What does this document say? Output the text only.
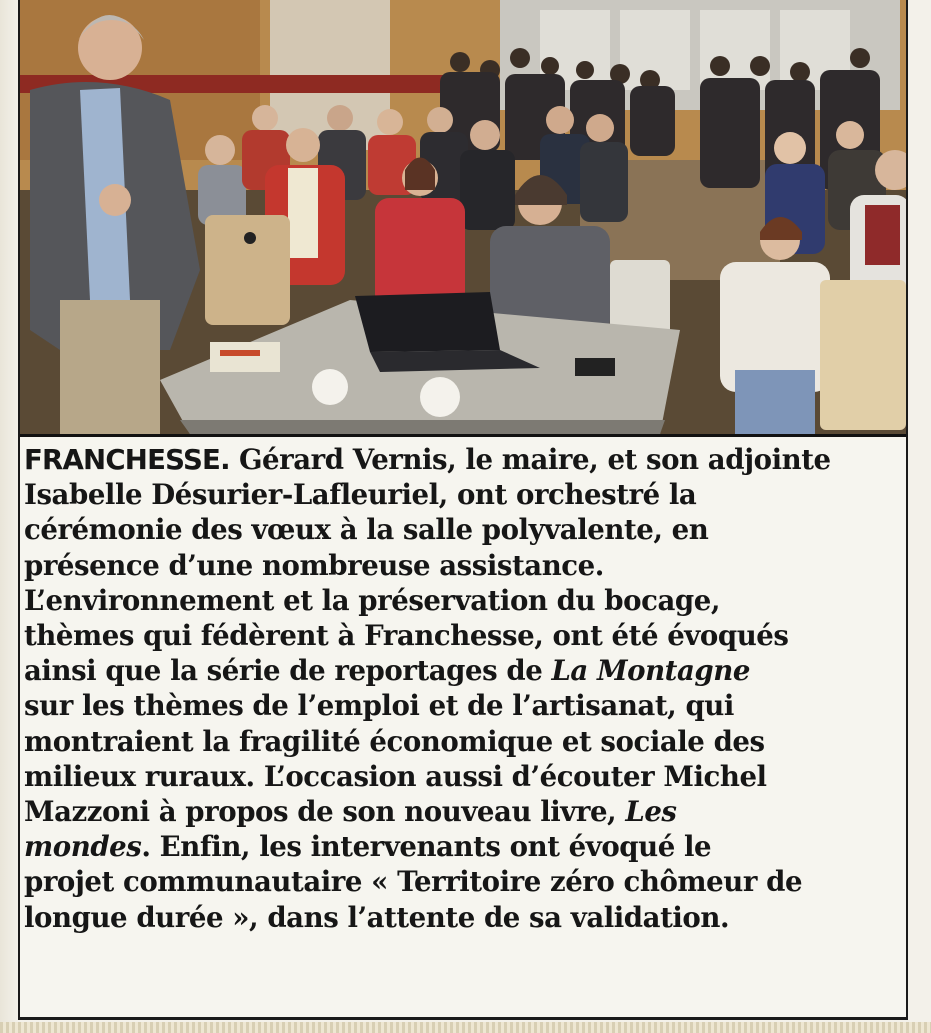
FRANCHESSE. Gérard Vernis, le maire, et son adjointe
Isabelle Désurier-Lafleuriel, ont orchestré la
cérémonie des vœux à la salle polyvalente, en
présence d’une nombreuse assistance.
L’environnement et la préservation du bocage,
thèmes qui fédèrent à Franchesse, ont été évoqués
ainsi que la série de reportages de La Montagne
sur les thèmes de l’emploi et de l’artisanat, qui
montraient la fragilité économique et sociale des
milieux ruraux. L’occasion aussi d’écouter Michel
Mazzoni à propos de son nouveau livre, Les
mondes. Enfin, les intervenants ont évoqué le
projet communautaire « Territoire zéro chômeur de
longue durée », dans l’attente de sa validation.
